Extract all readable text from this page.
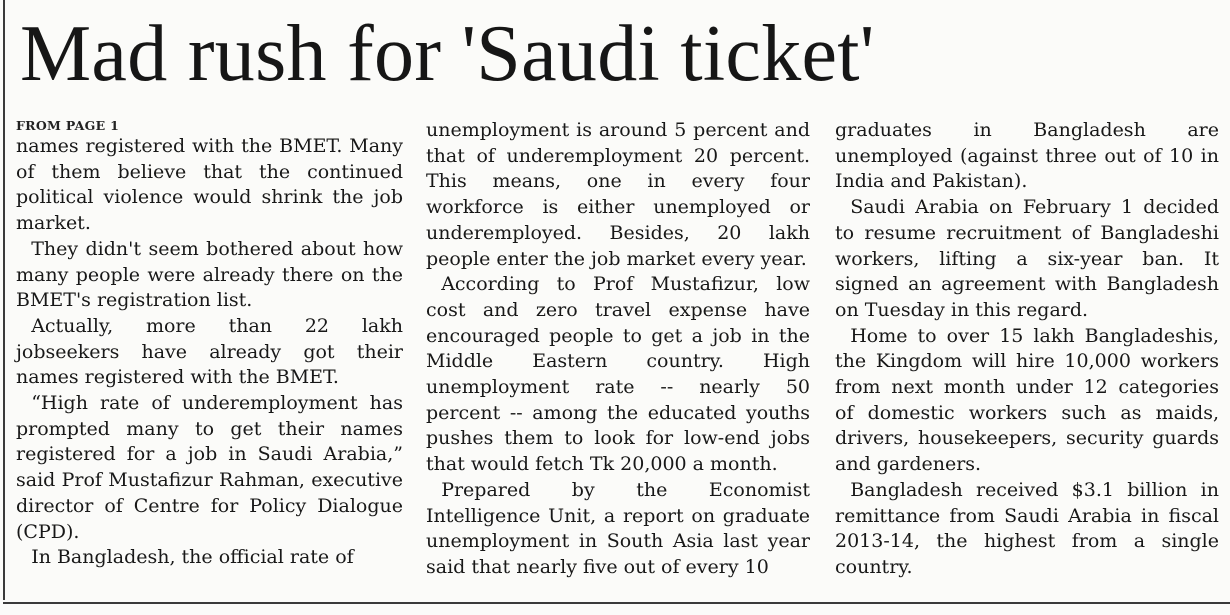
Mad rush for 'Saudi ticket'
FROM PAGE 1

names registered with the BMET. Many of them believe that the continued political violence would shrink the job market.

They didn't seem bothered about how many people were already there on the BMET's registration list.

Actually, more than 22 lakh jobseekers have already got their names registered with the BMET.

“High rate of underemployment has prompted many to get their names registered for a job in Saudi Arabia,” said Prof Mustafizur Rahman, executive director of Centre for Policy Dialogue (CPD).

In Bangladesh, the official rate of

unemployment is around 5 percent and that of underemployment 20 percent. This means, one in every four workforce is either unemployed or underemployed. Besides, 20 lakh people enter the job market every year.

According to Prof Mustafizur, low cost and zero travel expense have encouraged people to get a job in the Middle Eastern country. High unemployment rate -- nearly 50 percent -- among the educated youths pushes them to look for low-end jobs that would fetch Tk 20,000 a month.

Prepared by the Economist Intelligence Unit, a report on graduate unemployment in South Asia last year said that nearly five out of every 10

graduates in Bangladesh are unemployed (against three out of 10 in India and Pakistan).

Saudi Arabia on February 1 decided to resume recruitment of Bangladeshi workers, lifting a six-year ban. It signed an agreement with Bangladesh on Tuesday in this regard.

Home to over 15 lakh Bangladeshis, the Kingdom will hire 10,000 workers from next month under 12 categories of domestic workers such as maids, drivers, housekeepers, security guards and gardeners.

Bangladesh received $3.1 billion in remittance from Saudi Arabia in fiscal 2013-14, the highest from a single country.
